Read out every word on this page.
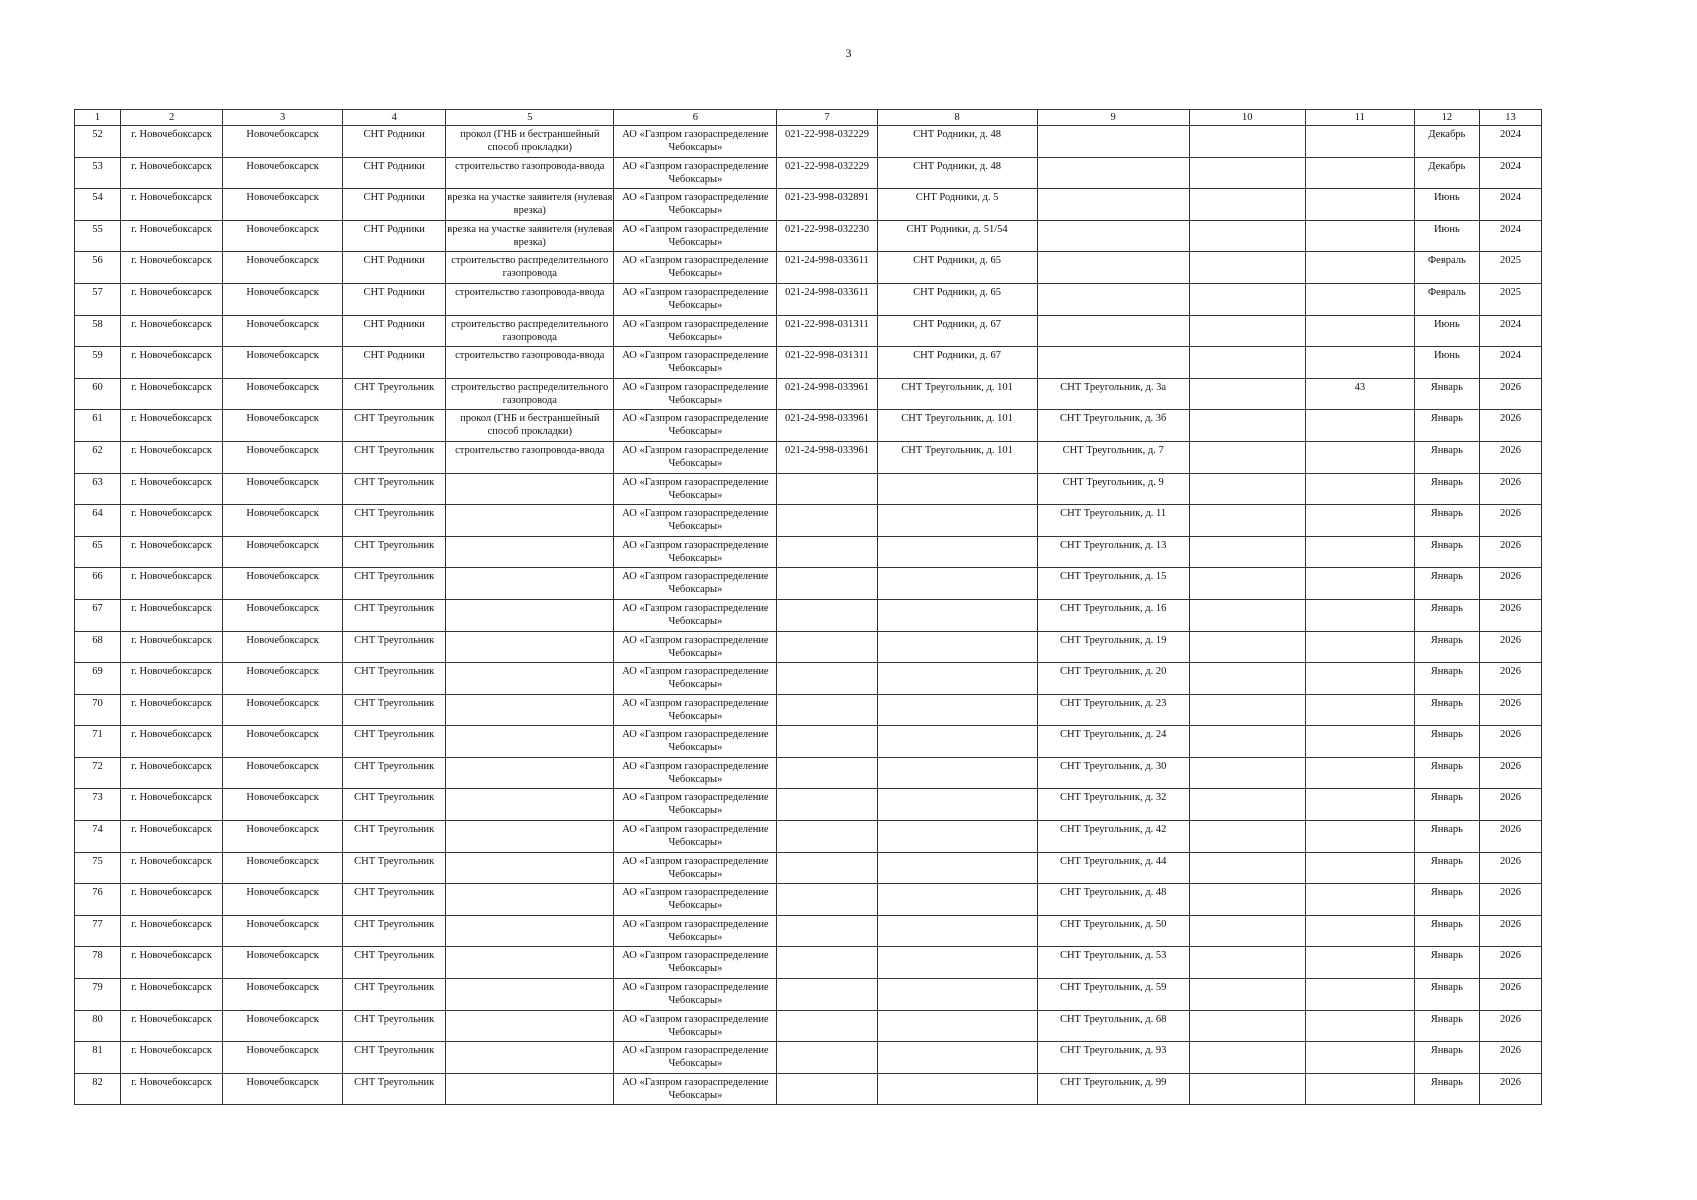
3
1	2	3	4	5	6	7	8	9	10	11	12	13
52	г. Новочебоксарск	Новочебоксарск	СНТ Родники	прокол (ГНБ и бестраншейный способ прокладки)	АО «Газпром газораспределение Чебоксары»	021-22-998-032229	СНТ Родники, д. 48				Декабрь	2024
53	г. Новочебоксарск	Новочебоксарск	СНТ Родники	строительство газопровода-ввода	АО «Газпром газораспределение Чебоксары»	021-22-998-032229	СНТ Родники, д. 48				Декабрь	2024
54	г. Новочебоксарск	Новочебоксарск	СНТ Родники	врезка на участке заявителя (нулевая врезка)	АО «Газпром газораспределение Чебоксары»	021-23-998-032891	СНТ Родники, д. 5				Июнь	2024
55	г. Новочебоксарск	Новочебоксарск	СНТ Родники	врезка на участке заявителя (нулевая врезка)	АО «Газпром газораспределение Чебоксары»	021-22-998-032230	СНТ Родники, д. 51/54				Июнь	2024
56	г. Новочебоксарск	Новочебоксарск	СНТ Родники	строительство распределительного газопровода	АО «Газпром газораспределение Чебоксары»	021-24-998-033611	СНТ Родники, д. 65				Февраль	2025
57	г. Новочебоксарск	Новочебоксарск	СНТ Родники	строительство газопровода-ввода	АО «Газпром газораспределение Чебоксары»	021-24-998-033611	СНТ Родники, д. 65				Февраль	2025
58	г. Новочебоксарск	Новочебоксарск	СНТ Родники	строительство распределительного газопровода	АО «Газпром газораспределение Чебоксары»	021-22-998-031311	СНТ Родники, д. 67				Июнь	2024
59	г. Новочебоксарск	Новочебоксарск	СНТ Родники	строительство газопровода-ввода	АО «Газпром газораспределение Чебоксары»	021-22-998-031311	СНТ Родники, д. 67				Июнь	2024
60	г. Новочебоксарск	Новочебоксарск	СНТ Треугольник	строительство распределительного газопровода	АО «Газпром газораспределение Чебоксары»	021-24-998-033961	СНТ Треугольник, д. 101	СНТ Треугольник, д. 3а		43	Январь	2026
61	г. Новочебоксарск	Новочебоксарск	СНТ Треугольник	прокол (ГНБ и бестраншейный способ прокладки)	АО «Газпром газораспределение Чебоксары»	021-24-998-033961	СНТ Треугольник, д. 101	СНТ Треугольник, д. 3б			Январь	2026
62	г. Новочебоксарск	Новочебоксарск	СНТ Треугольник	строительство газопровода-ввода	АО «Газпром газораспределение Чебоксары»	021-24-998-033961	СНТ Треугольник, д. 101	СНТ Треугольник, д. 7			Январь	2026
63	г. Новочебоксарск	Новочебоксарск	СНТ Треугольник		АО «Газпром газораспределение Чебоксары»			СНТ Треугольник, д. 9			Январь	2026
64	г. Новочебоксарск	Новочебоксарск	СНТ Треугольник		АО «Газпром газораспределение Чебоксары»			СНТ Треугольник, д. 11			Январь	2026
65	г. Новочебоксарск	Новочебоксарск	СНТ Треугольник		АО «Газпром газораспределение Чебоксары»			СНТ Треугольник, д. 13			Январь	2026
66	г. Новочебоксарск	Новочебоксарск	СНТ Треугольник		АО «Газпром газораспределение Чебоксары»			СНТ Треугольник, д. 15			Январь	2026
67	г. Новочебоксарск	Новочебоксарск	СНТ Треугольник		АО «Газпром газораспределение Чебоксары»			СНТ Треугольник, д. 16			Январь	2026
68	г. Новочебоксарск	Новочебоксарск	СНТ Треугольник		АО «Газпром газораспределение Чебоксары»			СНТ Треугольник, д. 19			Январь	2026
69	г. Новочебоксарск	Новочебоксарск	СНТ Треугольник		АО «Газпром газораспределение Чебоксары»			СНТ Треугольник, д. 20			Январь	2026
70	г. Новочебоксарск	Новочебоксарск	СНТ Треугольник		АО «Газпром газораспределение Чебоксары»			СНТ Треугольник, д. 23			Январь	2026
71	г. Новочебоксарск	Новочебоксарск	СНТ Треугольник		АО «Газпром газораспределение Чебоксары»			СНТ Треугольник, д. 24			Январь	2026
72	г. Новочебоксарск	Новочебоксарск	СНТ Треугольник		АО «Газпром газораспределение Чебоксары»			СНТ Треугольник, д. 30			Январь	2026
73	г. Новочебоксарск	Новочебоксарск	СНТ Треугольник		АО «Газпром газораспределение Чебоксары»			СНТ Треугольник, д. 32			Январь	2026
74	г. Новочебоксарск	Новочебоксарск	СНТ Треугольник		АО «Газпром газораспределение Чебоксары»			СНТ Треугольник, д. 42			Январь	2026
75	г. Новочебоксарск	Новочебоксарск	СНТ Треугольник		АО «Газпром газораспределение Чебоксары»			СНТ Треугольник, д. 44			Январь	2026
76	г. Новочебоксарск	Новочебоксарск	СНТ Треугольник		АО «Газпром газораспределение Чебоксары»			СНТ Треугольник, д. 48			Январь	2026
77	г. Новочебоксарск	Новочебоксарск	СНТ Треугольник		АО «Газпром газораспределение Чебоксары»			СНТ Треугольник, д. 50			Январь	2026
78	г. Новочебоксарск	Новочебоксарск	СНТ Треугольник		АО «Газпром газораспределение Чебоксары»			СНТ Треугольник, д. 53			Январь	2026
79	г. Новочебоксарск	Новочебоксарск	СНТ Треугольник		АО «Газпром газораспределение Чебоксары»			СНТ Треугольник, д. 59			Январь	2026
80	г. Новочебоксарск	Новочебоксарск	СНТ Треугольник		АО «Газпром газораспределение Чебоксары»			СНТ Треугольник, д. 68			Январь	2026
81	г. Новочебоксарск	Новочебоксарск	СНТ Треугольник		АО «Газпром газораспределение Чебоксары»			СНТ Треугольник, д. 93			Январь	2026
82	г. Новочебоксарск	Новочебоксарск	СНТ Треугольник		АО «Газпром газораспределение Чебоксары»			СНТ Треугольник, д. 99			Январь	2026
